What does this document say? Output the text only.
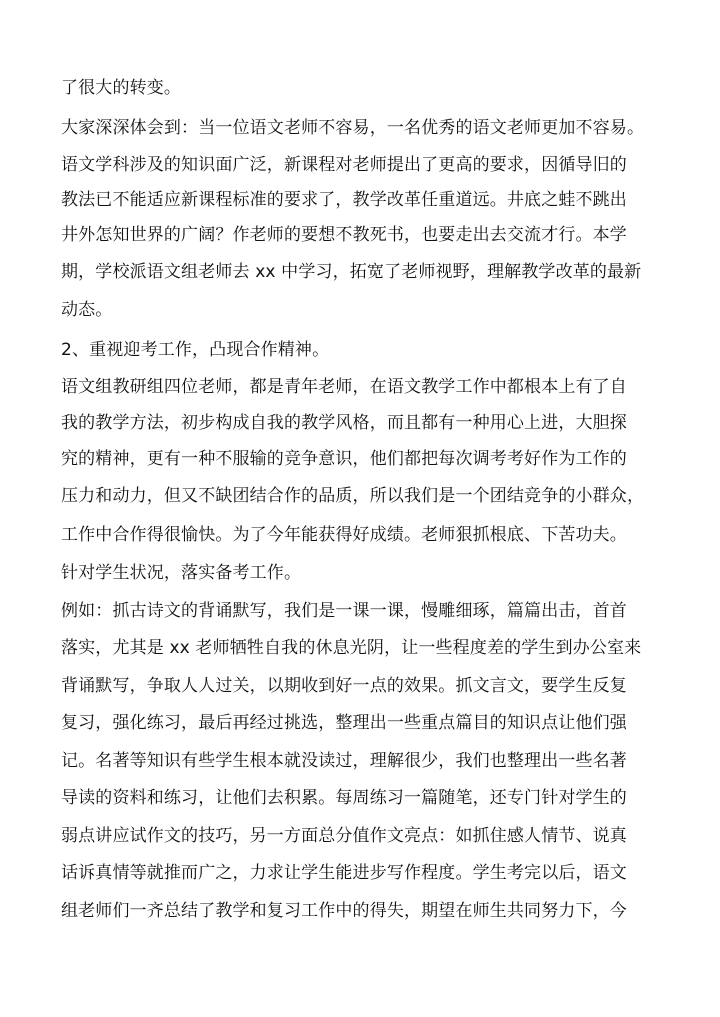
了很大的转变。
大家深深体会到：当一位语文老师不容易，一名优秀的语文老师更加不容易。
语文学科涉及的知识面广泛，新课程对老师提出了更高的要求，因循导旧的
教法已不能适应新课程标准的要求了，教学改革任重道远。井底之蛙不跳出
井外怎知世界的广阔？作老师的要想不教死书，也要走出去交流才行。本学
期，学校派语文组老师去 xx 中学习，拓宽了老师视野，理解教学改革的最新
动态。
2、重视迎考工作，凸现合作精神。
语文组教研组四位老师，都是青年老师，在语文教学工作中都根本上有了自
我的教学方法，初步构成自我的教学风格，而且都有一种用心上进，大胆探
究的精神，更有一种不服输的竞争意识，他们都把每次调考考好作为工作的
压力和动力，但又不缺团结合作的品质，所以我们是一个团结竞争的小群众，
工作中合作得很愉快。为了今年能获得好成绩。老师狠抓根底、下苦功夫。
针对学生状况，落实备考工作。
例如：抓古诗文的背诵默写，我们是一课一课，慢雕细琢，篇篇出击，首首
落实，尤其是 xx 老师牺牲自我的休息光阴，让一些程度差的学生到办公室来
背诵默写，争取人人过关，以期收到好一点的效果。抓文言文，要学生反复
复习，强化练习，最后再经过挑选，整理出一些重点篇目的知识点让他们强
记。名著等知识有些学生根本就没读过，理解很少，我们也整理出一些名著
导读的资料和练习，让他们去积累。每周练习一篇随笔，还专门针对学生的
弱点讲应试作文的技巧，另一方面总分值作文亮点：如抓住感人情节、说真
话诉真情等就推而广之，力求让学生能进步写作程度。学生考完以后，语文
组老师们一齐总结了教学和复习工作中的得失，期望在师生共同努力下，今
